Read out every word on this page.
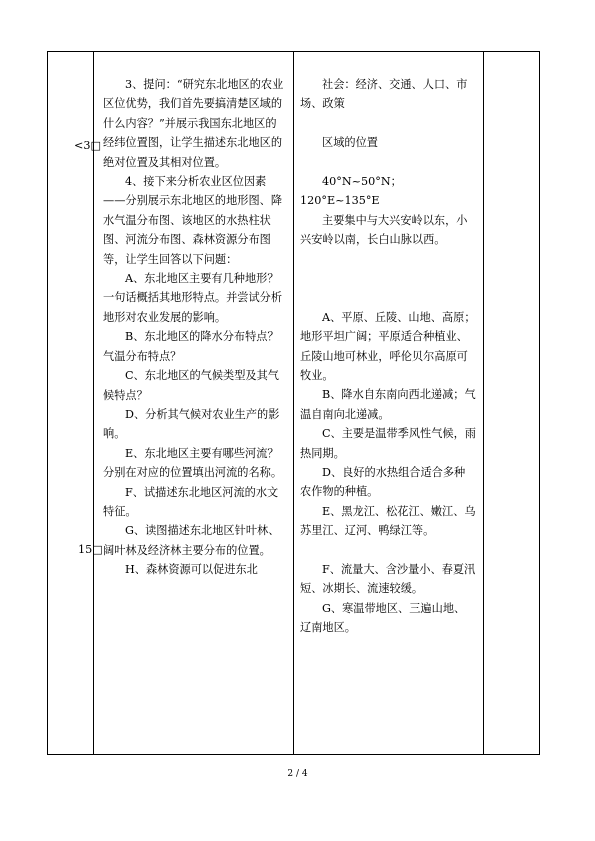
<3□
15□

3、提问：“研究东北地区的农业区位优势，我们首先要搞清楚区域的什么内容？”并展示我国东北地区的经纬位置图，让学生描述东北地区的绝对位置及其相对位置。

4、接下来分析农业区位因素——分别展示东北地区的地形图、降水气温分布图、该地区的水热柱状图、河流分布图、森林资源分布图等，让学生回答以下问题：

A、东北地区主要有几种地形？一句话概括其地形特点。并尝试分析地形对农业发展的影响。

B、东北地区的降水分布特点？气温分布特点？

C、东北地区的气候类型及其气候特点？

D、分析其气候对农业生产的影响。

E、东北地区主要有哪些河流？分别在对应的位置填出河流的名称。

F、试描述东北地区河流的水文特征。

G、读图描述东北地区针叶林、阔叶林及经济林主要分布的位置。

H、森林资源可以促进东北

社会：经济、交通、人口、市场、政策

区域的位置

40°N~50°N；120°E~135°E

主要集中与大兴安岭以东，小兴安岭以南，长白山脉以西。

A、平原、丘陵、山地、高原；地形平坦广阔；平原适合种植业、丘陵山地可林业，呼伦贝尔高原可牧业。

B、降水自东南向西北递减；气温自南向北递减。

C、主要是温带季风性气候，雨热同期。

D、良好的水热组合适合多种农作物的种植。

E、黑龙江、松花江、嫩江、乌苏里江、辽河、鸭绿江等。

F、流量大、含沙量小、春夏汛短、冰期长、流速较缓。

G、寒温带地区、三遍山地、辽南地区。

2 / 4
